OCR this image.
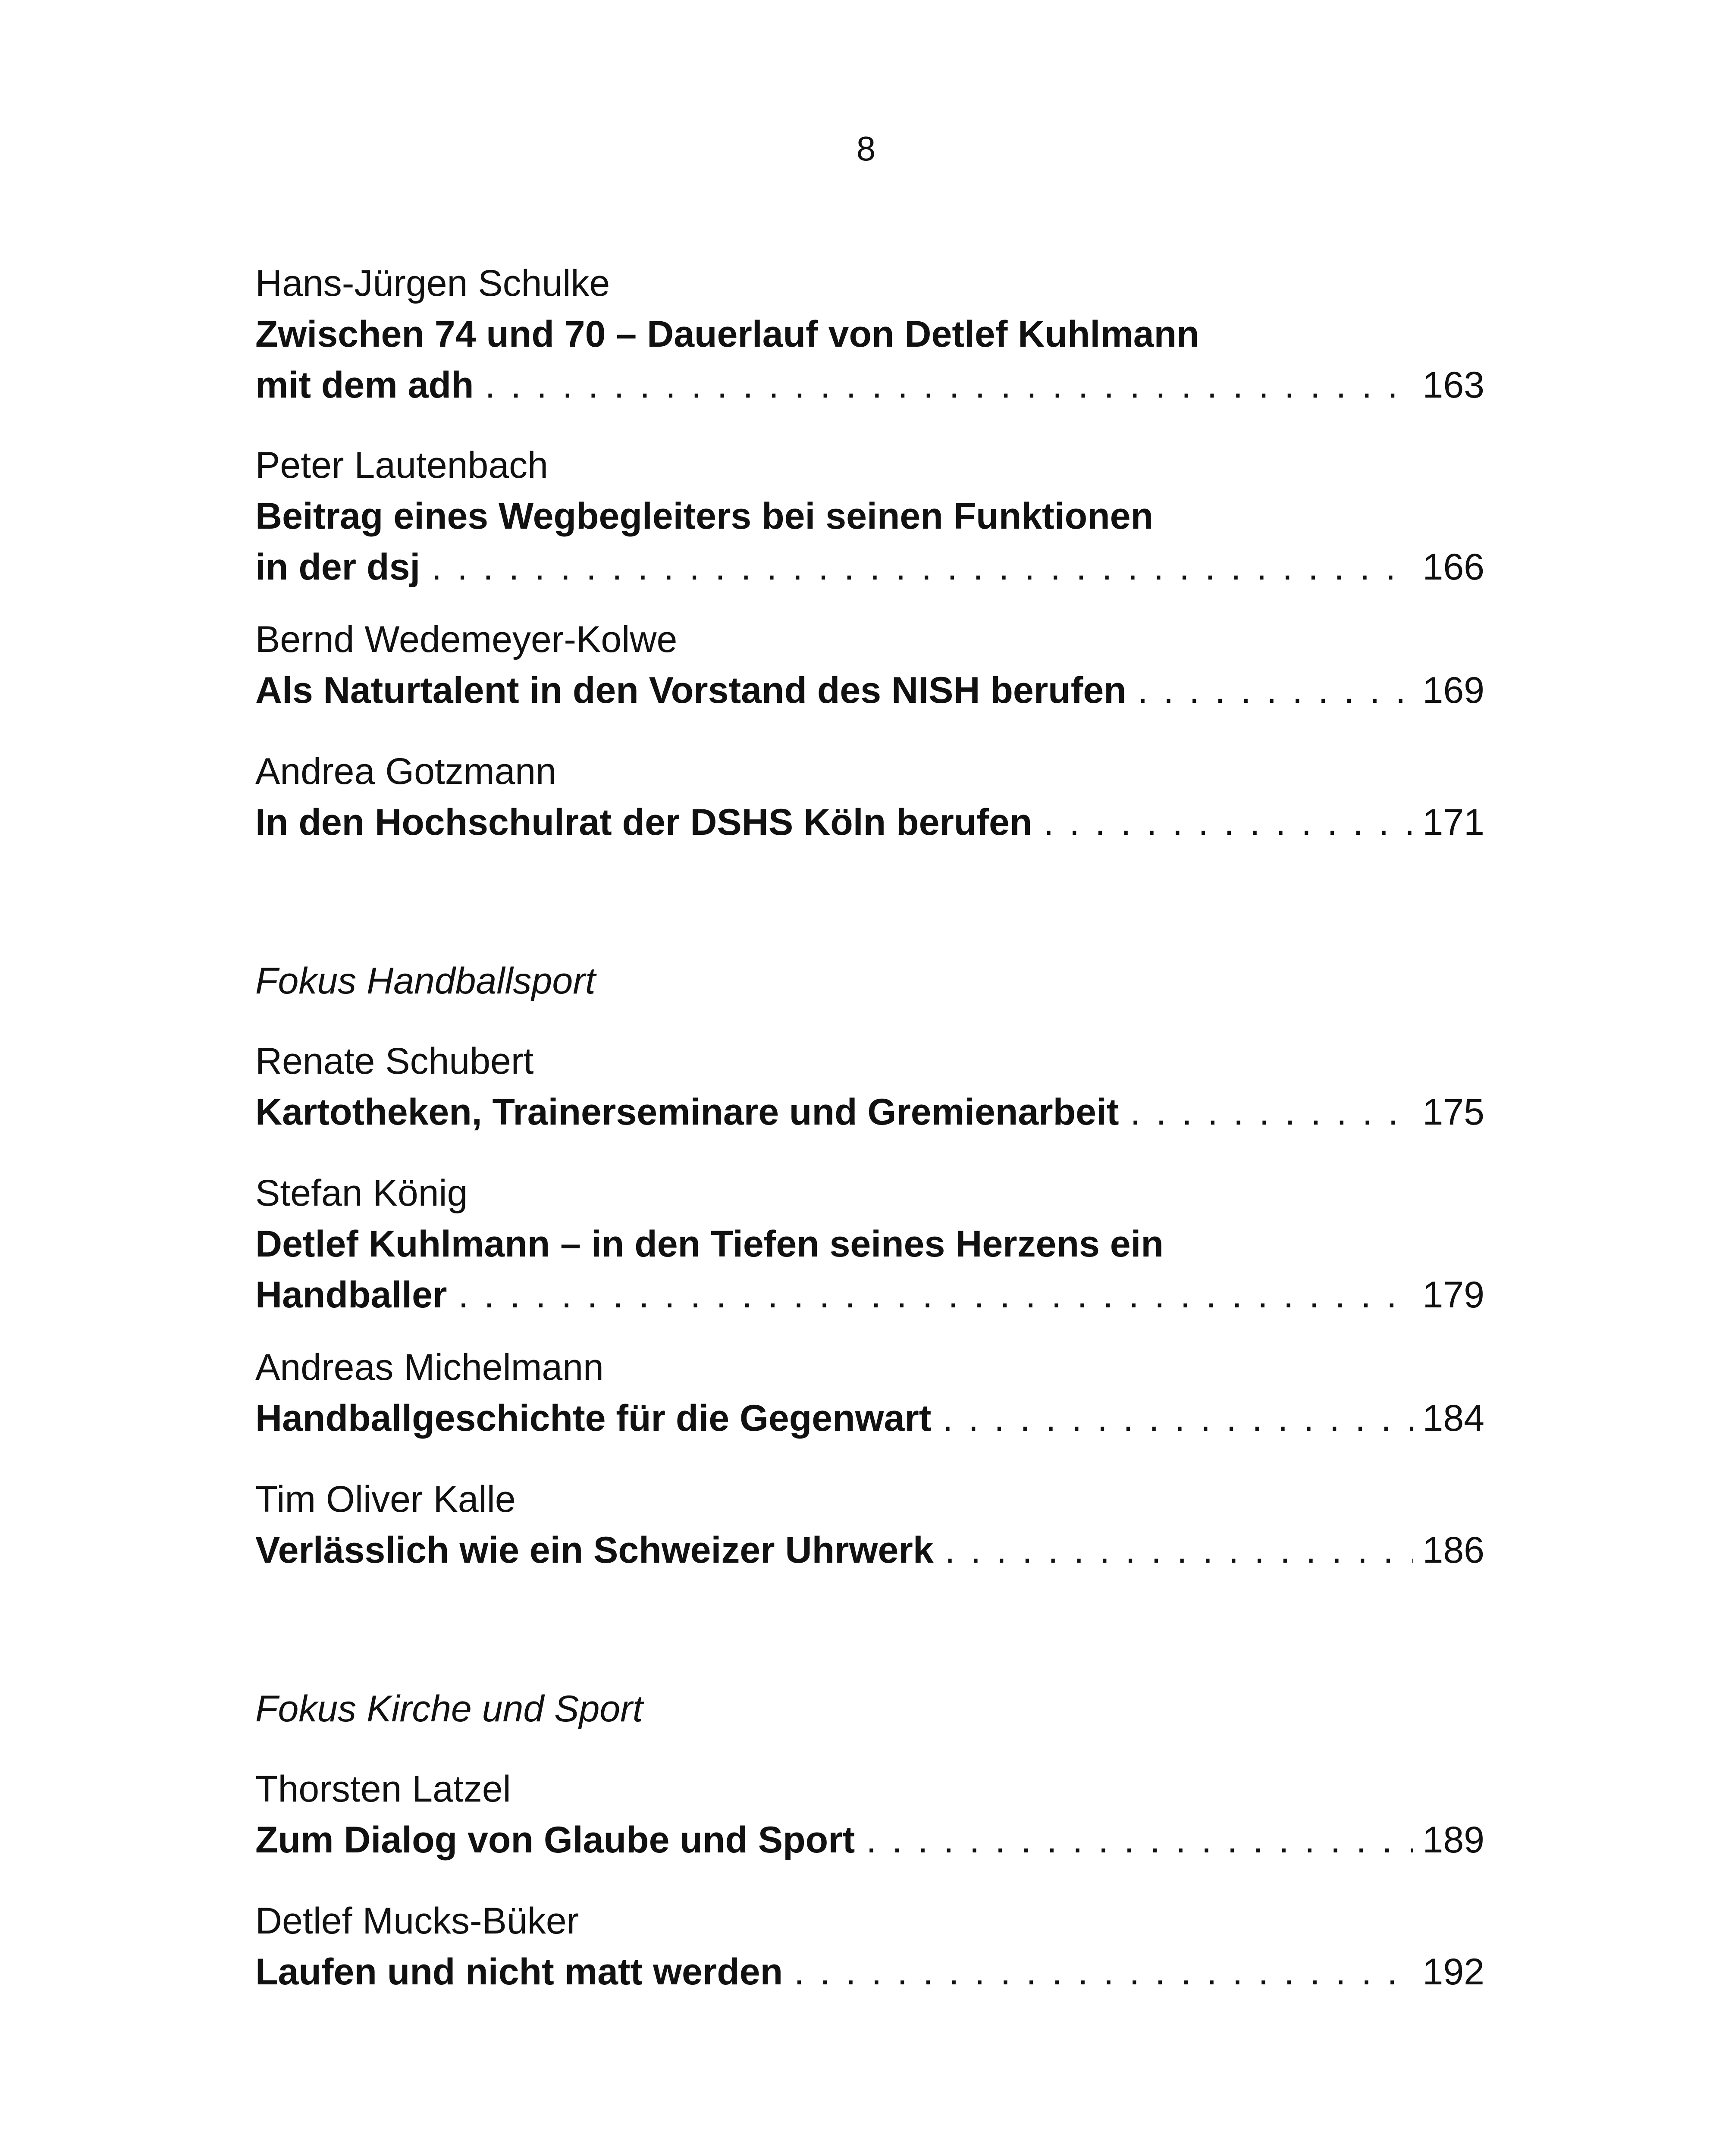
8
Hans-Jürgen Schulke
Zwischen 74 und 70 – Dauerlauf von Detlef Kuhlmann
mit dem adh . . .	163
Peter Lautenbach
Beitrag eines Wegbegleiters bei seinen Funktionen
in der dsj . . .	166
Bernd Wedemeyer-Kolwe
Als Naturtalent in den Vorstand des NISH berufen . . .	169
Andrea Gotzmann
In den Hochschulrat der DSHS Köln berufen . . .	171
Fokus Handballsport
Renate Schubert
Kartotheken, Trainerseminare und Gremienarbeit . . .	175
Stefan König
Detlef Kuhlmann – in den Tiefen seines Herzens ein
Handballer . . .	179
Andreas Michelmann
Handballgeschichte für die Gegenwart . . .	184
Tim Oliver Kalle
Verlässlich wie ein Schweizer Uhrwerk . . .	186
Fokus Kirche und Sport
Thorsten Latzel
Zum Dialog von Glaube und Sport . . .	189
Detlef Mucks-Büker
Laufen und nicht matt werden . . .	192
